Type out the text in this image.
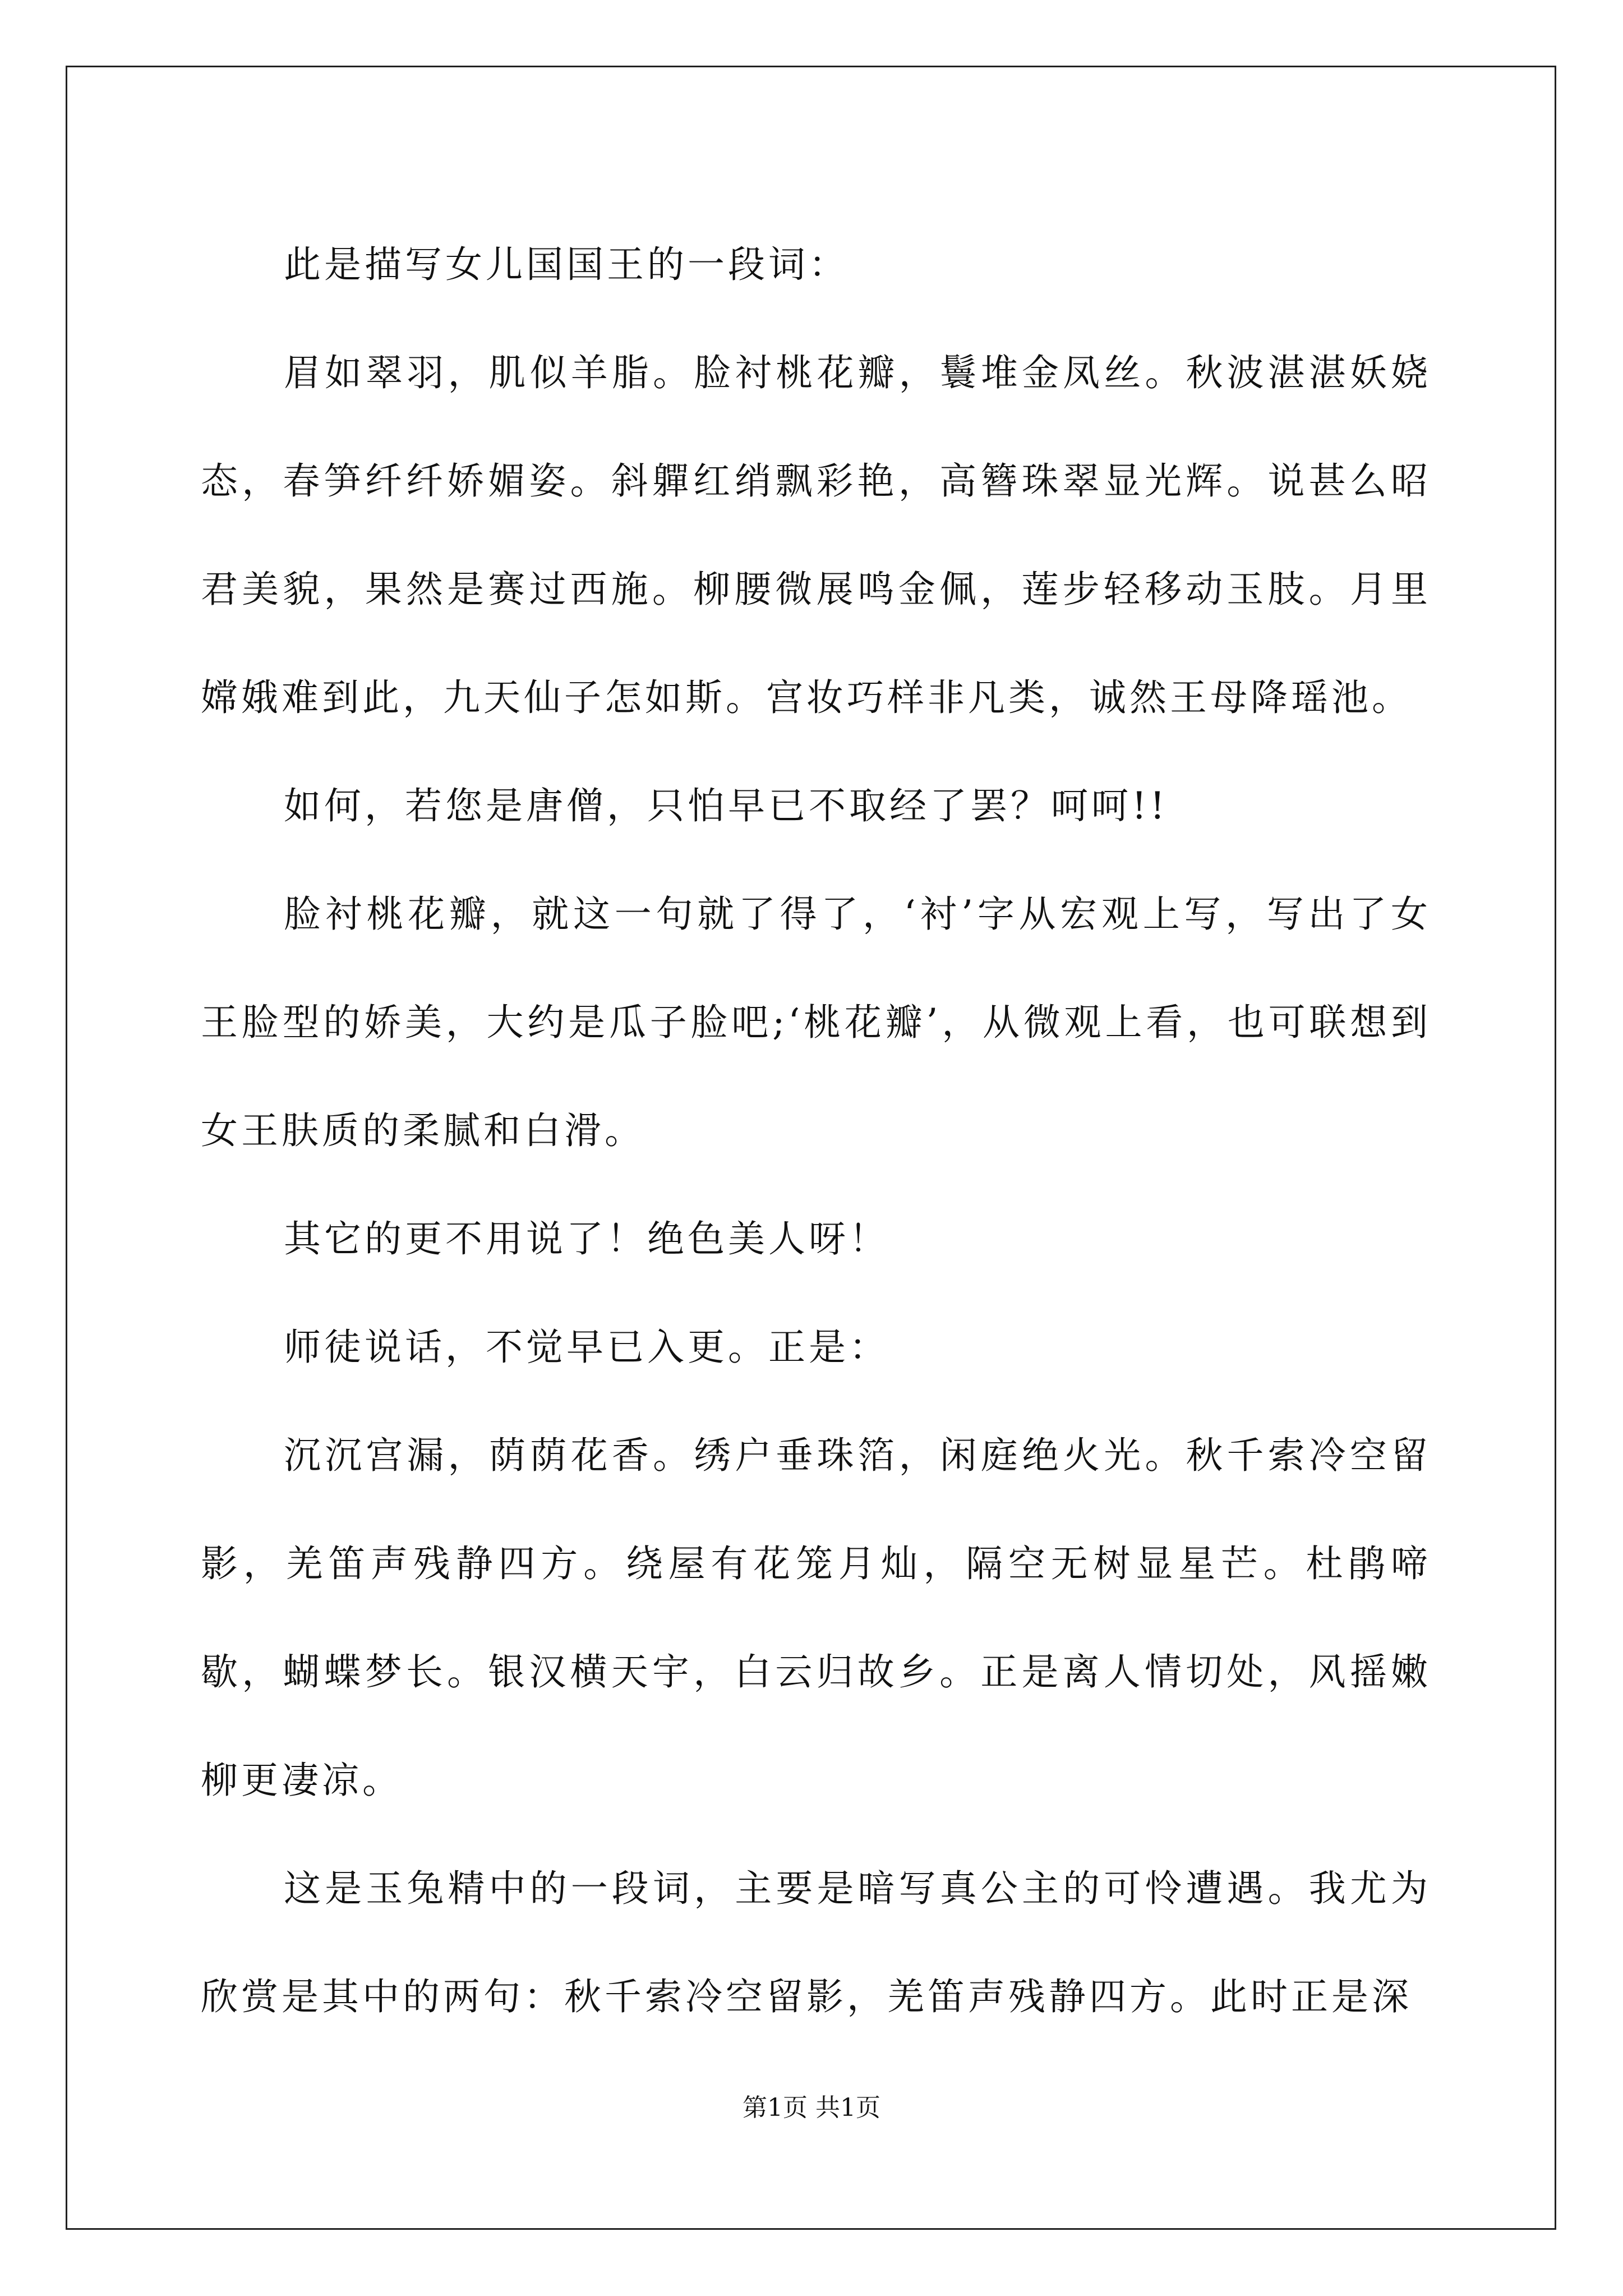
此是描写女儿国国王的一段词：

眉如翠羽，肌似羊脂。脸衬桃花瓣，鬟堆金凤丝。秋波湛湛妖娆态，春笋纤纤娇媚姿。斜軃红绡飘彩艳，高簪珠翠显光辉。说甚么昭君美貌，果然是赛过西施。柳腰微展鸣金佩，莲步轻移动玉肢。月里嫦娥难到此，九天仙子怎如斯。宫妆巧样非凡类，诚然王母降瑶池。

如何，若您是唐僧，只怕早已不取经了罢？呵呵!!

脸衬桃花瓣，就这一句就了得了，‘衬’字从宏观上写，写出了女王脸型的娇美，大约是瓜子脸吧;‘桃花瓣’，从微观上看，也可联想到女王肤质的柔腻和白滑。

其它的更不用说了！绝色美人呀！

师徒说话，不觉早已入更。正是：

沉沉宫漏，荫荫花香。绣户垂珠箔，闲庭绝火光。秋千索冷空留影，羌笛声残静四方。绕屋有花笼月灿，隔空无树显星芒。杜鹃啼歇，蝴蝶梦长。银汉横天宇，白云归故乡。正是离人情切处，风摇嫩柳更凄凉。

这是玉兔精中的一段词，主要是暗写真公主的可怜遭遇。我尤为欣赏是其中的两句：秋千索冷空留影，羌笛声残静四方。此时正是深

第1页 共1页
